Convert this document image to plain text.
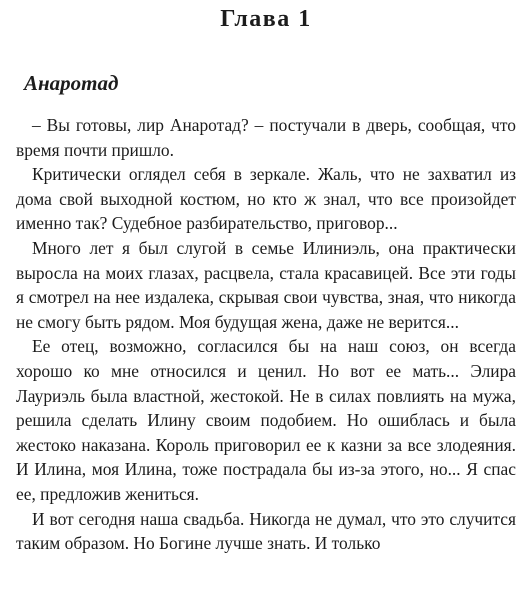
Глава 1
Анаротад

– Вы готовы, лир Анаротад? – постучали в дверь, сообщая, что время почти пришло.

Критически оглядел себя в зеркале. Жаль, что не захватил из дома свой выходной костюм, но кто ж знал, что все произойдет именно так? Судебное разбирательство, приговор...

Много лет я был слугой в семье Илиниэль, она практически выросла на моих глазах, расцвела, стала красавицей. Все эти годы я смотрел на нее издалека, скрывая свои чувства, зная, что никогда не смогу быть рядом. Моя будущая жена, даже не верится...

Ее отец, возможно, согласился бы на наш союз, он всегда хорошо ко мне относился и ценил. Но вот ее мать... Элира Лауриэль была властной, жестокой. Не в силах повлиять на мужа, решила сделать Илину своим подобием. Но ошиблась и была жестоко наказана. Король приговорил ее к казни за все злодеяния. И Илина, моя Илина, тоже пострадала бы из-за этого, но... Я спас ее, предложив жениться.

И вот сегодня наша свадьба. Никогда не думал, что это случится таким образом. Но Богине лучше знать. И только
